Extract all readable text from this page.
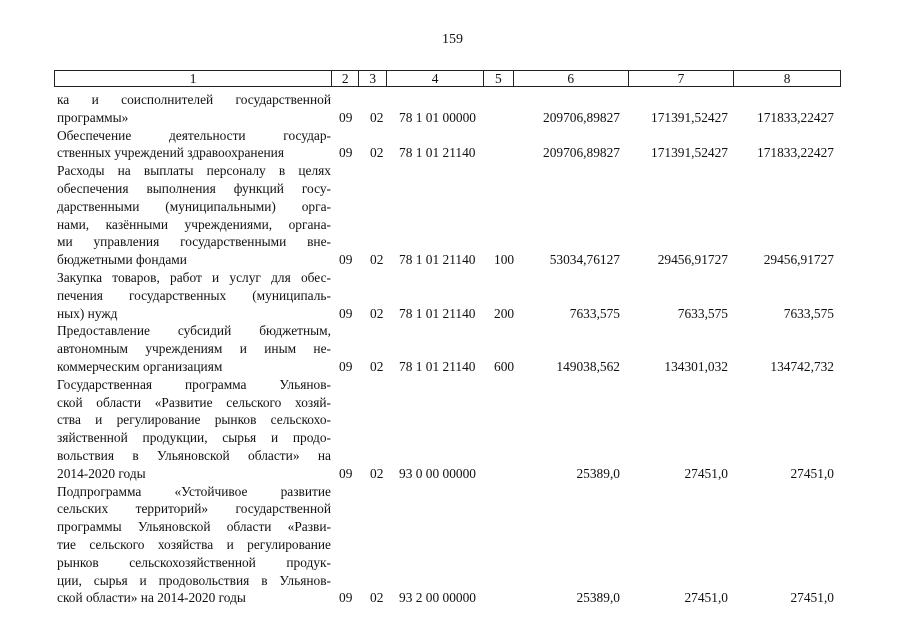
159
1	2	3	4	5	6	7	8
ка и соисполнителей государственной
программы»	09 02 78 1 01 00000	209706,89827 171391,52427 171833,22427
Обеспечение деятельности государ-
ственных учреждений здравоохранения	09 02 78 1 01 21140	209706,89827 171391,52427 171833,22427
Расходы на выплаты персоналу в целях
обеспечения выполнения функций госу-
дарственными (муниципальными) орга-
нами, казёнными учреждениями, органа-
ми управления государственными вне-
бюджетными фондами	09 02 78 1 01 21140 100	53034,76127	29456,91727	29456,91727
Закупка товаров, работ и услуг для обес-
печения государственных (муниципаль-
ных) нужд	09 02 78 1 01 21140 200	7633,575	7633,575	7633,575
Предоставление субсидий бюджетным,
автономным учреждениям и иным не-
коммерческим организациям	09 02 78 1 01 21140 600	149038,562	134301,032	134742,732
Государственная программа Ульянов-
ской области «Развитие сельского хозяй-
ства и регулирование рынков сельскохо-
зяйственной продукции, сырья и продо-
вольствия в Ульяновской области» на
2014-2020 годы	09 02 93 0 00 00000	25389,0	27451,0	27451,0
Подпрограмма «Устойчивое развитие
сельских территорий» государственной
программы Ульяновской области «Разви-
тие сельского хозяйства и регулирование
рынков сельскохозяйственной продук-
ции, сырья и продовольствия в Ульянов-
ской области» на 2014-2020 годы	09 02 93 2 00 00000	25389,0	27451,0	27451,0
